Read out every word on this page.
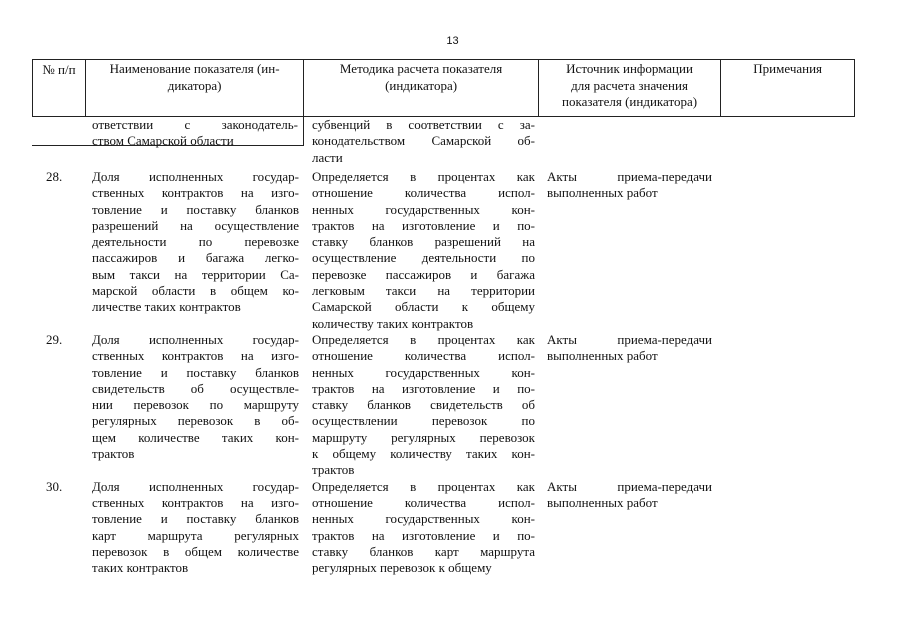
13
№ п/п	Наименование показателя (ин-
дикатора)
Методика расчета показателя
(индикатора)
Источник информации
для расчета значения
показателя (индикатора)
Примечания
ответствии с законодатель-
ством Самарской области
субвенций в соответствии с за-
конодательством Самарской об-
ласти
28. Доля исполненных государ-
ственных контрактов на изго-
товление и поставку бланков
разрешений на осуществление
деятельности по перевозке
пассажиров и багажа легко-
вым такси на территории Са-
марской области в общем ко-
личестве таких контрактов
Определяется в процентах как
отношение количества испол-
ненных государственных кон-
трактов на изготовление и по-
ставку бланков разрешений на
осуществление деятельности по
перевозке пассажиров и багажа
легковым такси на территории
Самарской области к общему
количеству таких контрактов
Акты приема-передачи
выполненных работ
29. Доля исполненных государ-
ственных контрактов на изго-
товление и поставку бланков
свидетельств об осуществле-
нии перевозок по маршруту
регулярных перевозок в об-
щем количестве таких кон-
трактов
Определяется в процентах как
отношение количества испол-
ненных государственных кон-
трактов на изготовление и по-
ставку бланков свидетельств об
осуществлении перевозок по
маршруту регулярных перевозок
к общему количеству таких кон-
трактов
Акты приема-передачи
выполненных работ
30. Доля исполненных государ-
ственных контрактов на изго-
товление и поставку бланков
карт маршрута регулярных
перевозок в общем количестве
таких контрактов
Определяется в процентах как
отношение количества испол-
ненных государственных кон-
трактов на изготовление и по-
ставку бланков карт маршрута
регулярных перевозок к общему
Акты приема-передачи
выполненных работ
